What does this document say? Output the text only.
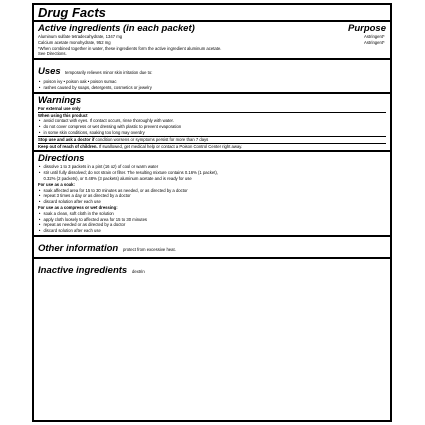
Drug Facts
Active ingredients (in each packet)	Purpose
Aluminum sulfate tetradecahydrate, 1347 mg	Astringent*
Calcium acetate monohydrate, 952 mg	Astringent*
*When combined together in water, these ingredients form the active ingredient aluminum acetate.
See Directions.
Uses temporarily relieves minor skin irritation due to:
• poison ivy • poison oak • poison sumac
• rashes caused by soaps, detergents, cosmetics or jewelry
Warnings
For external use only
When using this product
• avoid contact with eyes. If contact occurs, rinse thoroughly with water.
• do not cover compress or wet dressing with plastic to prevent evaporation
• in some skin conditions, soaking too long may overdry
Stop use and ask a doctor if condition worsens or symptoms persist for more than 7 days
Keep out of reach of children. If swallowed, get medical help or contact a Poison Control Center right away.
Directions
• dissolve 1 to 3 packets in a pint (16 oz) of cool or warm water
• stir until fully dissolved; do not strain or filter. The resulting mixture contains 0.16% (1 packet),
0.32% (2 packets), or 0.48% (3 packets) aluminum acetate and is ready for use
For use as a soak:
• soak affected area for 15 to 30 minutes as needed, or as directed by a doctor
• repeat 3 times a day or as directed by a doctor
• discard solution after each use
For use as a compress or wet dressing:
• soak a clean, soft cloth in the solution
• apply cloth loosely to affected area for 15 to 30 minutes
• repeat as needed or as directed by a doctor
• discard solution after each use
Other information protect from excessive heat.
Inactive ingredients dextrin
